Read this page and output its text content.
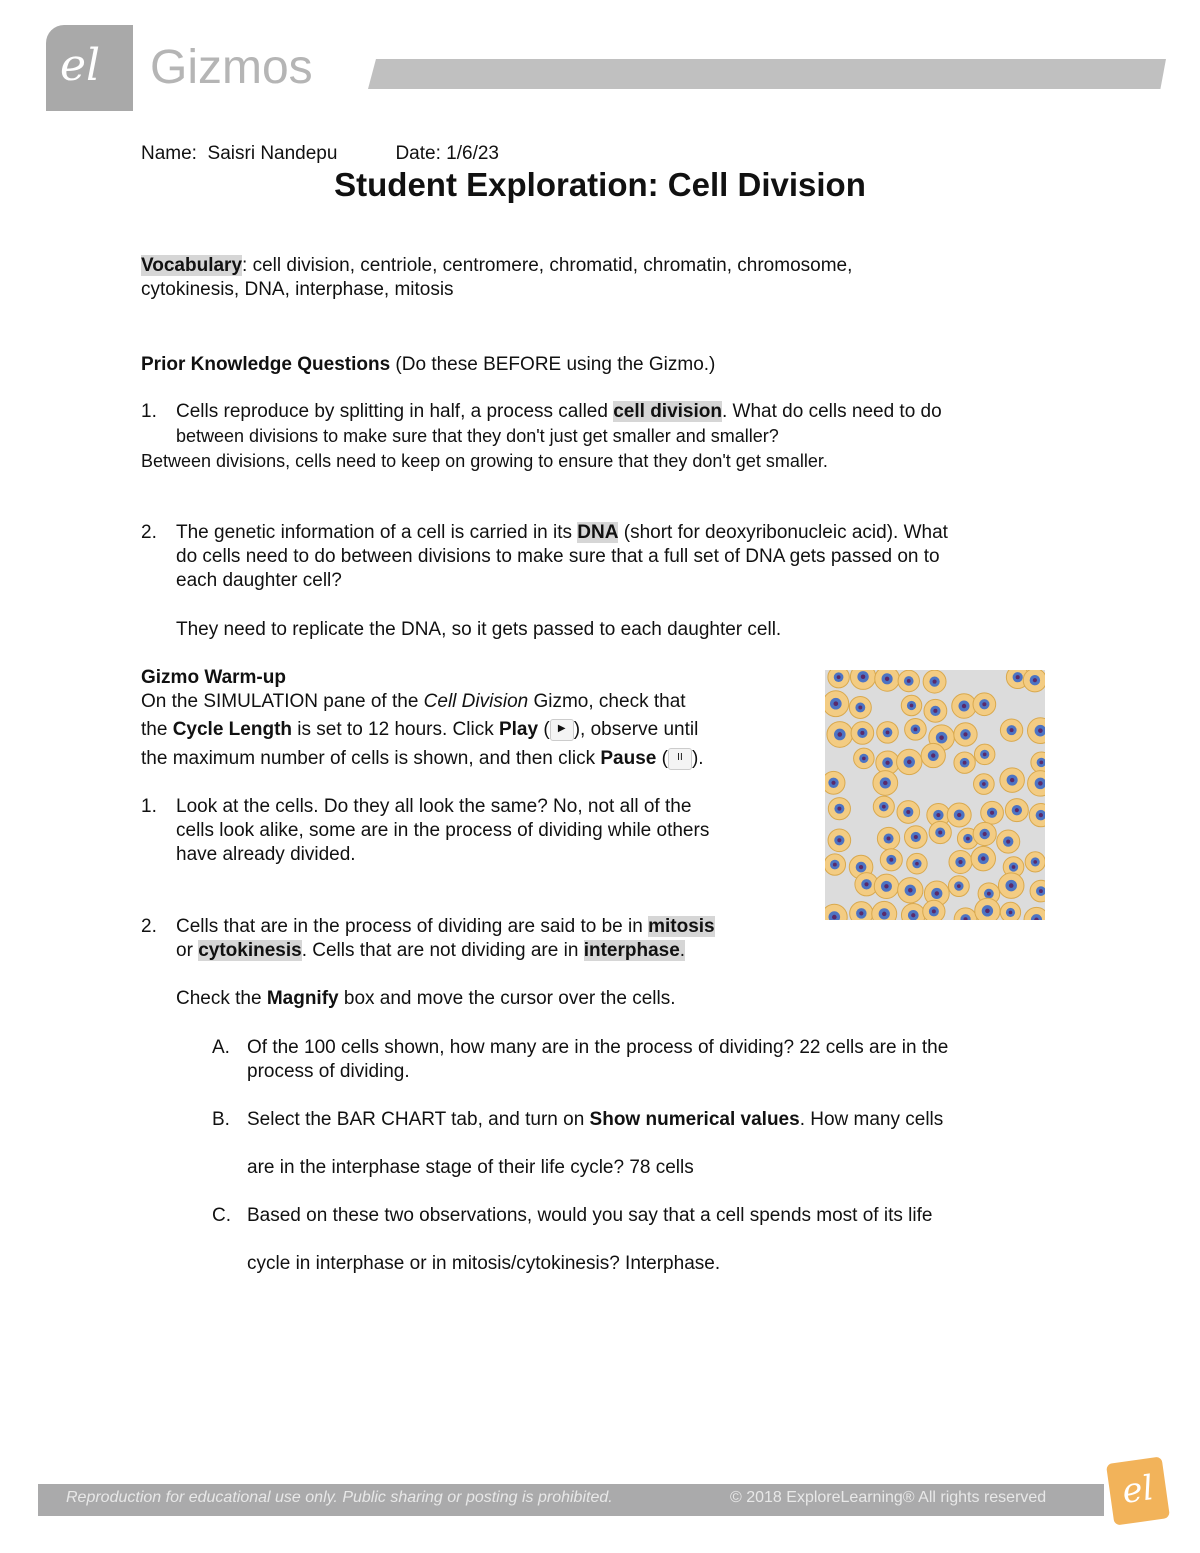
el Gizmos
Name: Saisri Nandepu	Date: 1/6/23
Student Exploration: Cell Division
Vocabulary: cell division, centriole, centromere, chromatid, chromatin, chromosome,
cytokinesis, DNA, interphase, mitosis
Prior Knowledge Questions (Do these BEFORE using the Gizmo.)
1. Cells reproduce by splitting in half, a process called cell division. What do cells need to do
between divisions to make sure that they don't just get smaller and smaller?
Between divisions, cells need to keep on growing to ensure that they don't get smaller.
2. The genetic information of a cell is carried in its DNA (short for deoxyribonucleic acid). What
do cells need to do between divisions to make sure that a full set of DNA gets passed on to
each daughter cell?
They need to replicate the DNA, so it gets passed to each daughter cell.
Gizmo Warm-up
On the SIMULATION pane of the Cell Division Gizmo, check that
the Cycle Length is set to 12 hours. Click Play ( ▶ ), observe until
the maximum number of cells is shown, and then click Pause ( II ).
1. Look at the cells. Do they all look the same? No, not all of the
cells look alike, some are in the process of dividing while others
have already divided.
2. Cells that are in the process of dividing are said to be in mitosis
or cytokinesis. Cells that are not dividing are in interphase.
Check the Magnify box and move the cursor over the cells.
A. Of the 100 cells shown, how many are in the process of dividing? 22 cells are in the
process of dividing.
B. Select the BAR CHART tab, and turn on Show numerical values. How many cells
are in the interphase stage of their life cycle? 78 cells
C. Based on these two observations, would you say that a cell spends most of its life
cycle in interphase or in mitosis/cytokinesis? Interphase.
Reproduction for educational use only. Public sharing or posting is prohibited.	© 2018 ExploreLearning® All rights reserved	el
